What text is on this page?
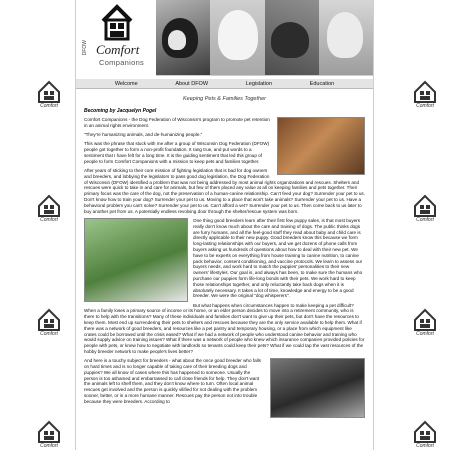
Comfort	Comfort
Comfort	Comfort
Comfort	Comfort
Comfort	Comfort
DFOW Comfort
Companions
Welcome	About DFOW	Legislation	Education
Keeping Pets & Families Together
Becoming by Jacquelyn Pogel

Comfort Companions - the Dog Federation of Wisconsin's program to promote pet retention in an animal rights environment.

"They're humanizing animals, and de-humanizing people."

This was the phrase that stuck with me after a group of Wisconsin Dog Federation (DFOW) people got together to form a non-profit foundation. It rang true, and put words to a sentiment that I have felt for a long time. It is the guiding sentiment that led this group of people to form Comfort Companions with a mission to keep pets and families together.

After years of sticking to their core mission of fighting legislation that is bad for dog owners and breeders, and lobbying the legislators to pass good dog legislation, the Dog Federation of Wisconsin (DFOW) identified a problem that was not being addressed by most animal rights organizations and rescues. Shelters and rescues were quick to take in and care for animals, but few of them placed any value at all on keeping families and pets together. Their primary focus was the care of the dog, not the preservation of a human-canine relationship. Can't feed your dog? Surrender your pet to us. Don't know how to train your dog? Surrender your pet to us. Moving to a place that won't take animals? Surrender your pet to us. Have a behavioral problem you can't solve? Surrender your pet to us. Can't afford a vet? Surrender your pet to us. Then come back to us later to buy another pet from us. A potentially endless revolving door through the shelter/rescue system was born.

One thing good breeders learn after their first few puppy sales, is that most buyers really don't know much about the care and training of dogs. The public thinks dogs are furry humans, and all the feel-good stuff they read about baby and child care is directly applicable to their new puppy. Good breeders know this because we form long-lasting relationships with our buyers, and we get dozens of phone calls from buyers asking us hundreds of questions about how to deal with their new pet. We have to be experts on everything from house training to canine nutrition, to canine pack behavior, consent conditioning, and vaccine protocols. We learn to assess our buyers needs, and work hard to match the puppies' personalities to their new owners' lifestyles. Our goal is, and always has been, to make sure the humans who purchase our puppies form life-long bonds with their pets. We work hard to keep those relationships together, and only reluctantly take back dogs when it is absolutely necessary. It takes a lot of time, knowledge and energy to be a good breeder. We were the original "dog whisperers".

But what happens when circumstances happen to make keeping a pet difficult? When a family loses a primary source of income or its home, or an elder person decides to move into a retirement community, who is there to help with the transitions? Many of these individuals and families don't want to give up their pets, but don't have the resources to keep them. Most end up surrendering their pets to shelters and rescues because they are the only service available to help them. What if there was a network of good breeders, and resources like a pet pantry and temporary housing, or a place from which equipment like crates could be borrowed until the crisis eased? What if we had a network of people who understood canine behavior and training who would supply advice on training issues? What if there was a network of people who knew which insurance companies provided policies for people with pets, or knew how to negotiate with landlords so tenants could keep their pets? What if we could tap the vast resources of the hobby breeder network to make people's lives better?

And here is a touchy subject for breeders - what about the once good breeder who falls on hard times and is no longer capable of taking care of their breeding dogs and puppies? We all know of cases where this has happened to someone. Usually the person is too ashamed and embarrassed to call close friends for help. They don't want the animals left to shelf them, and they don't know where to turn. Often local animal rescues get involved and the person is quickly vilified for not dealing with the problem sooner, better, or in a more humane manner. Rescues pay the person not into trouble because they were breeders. According to
